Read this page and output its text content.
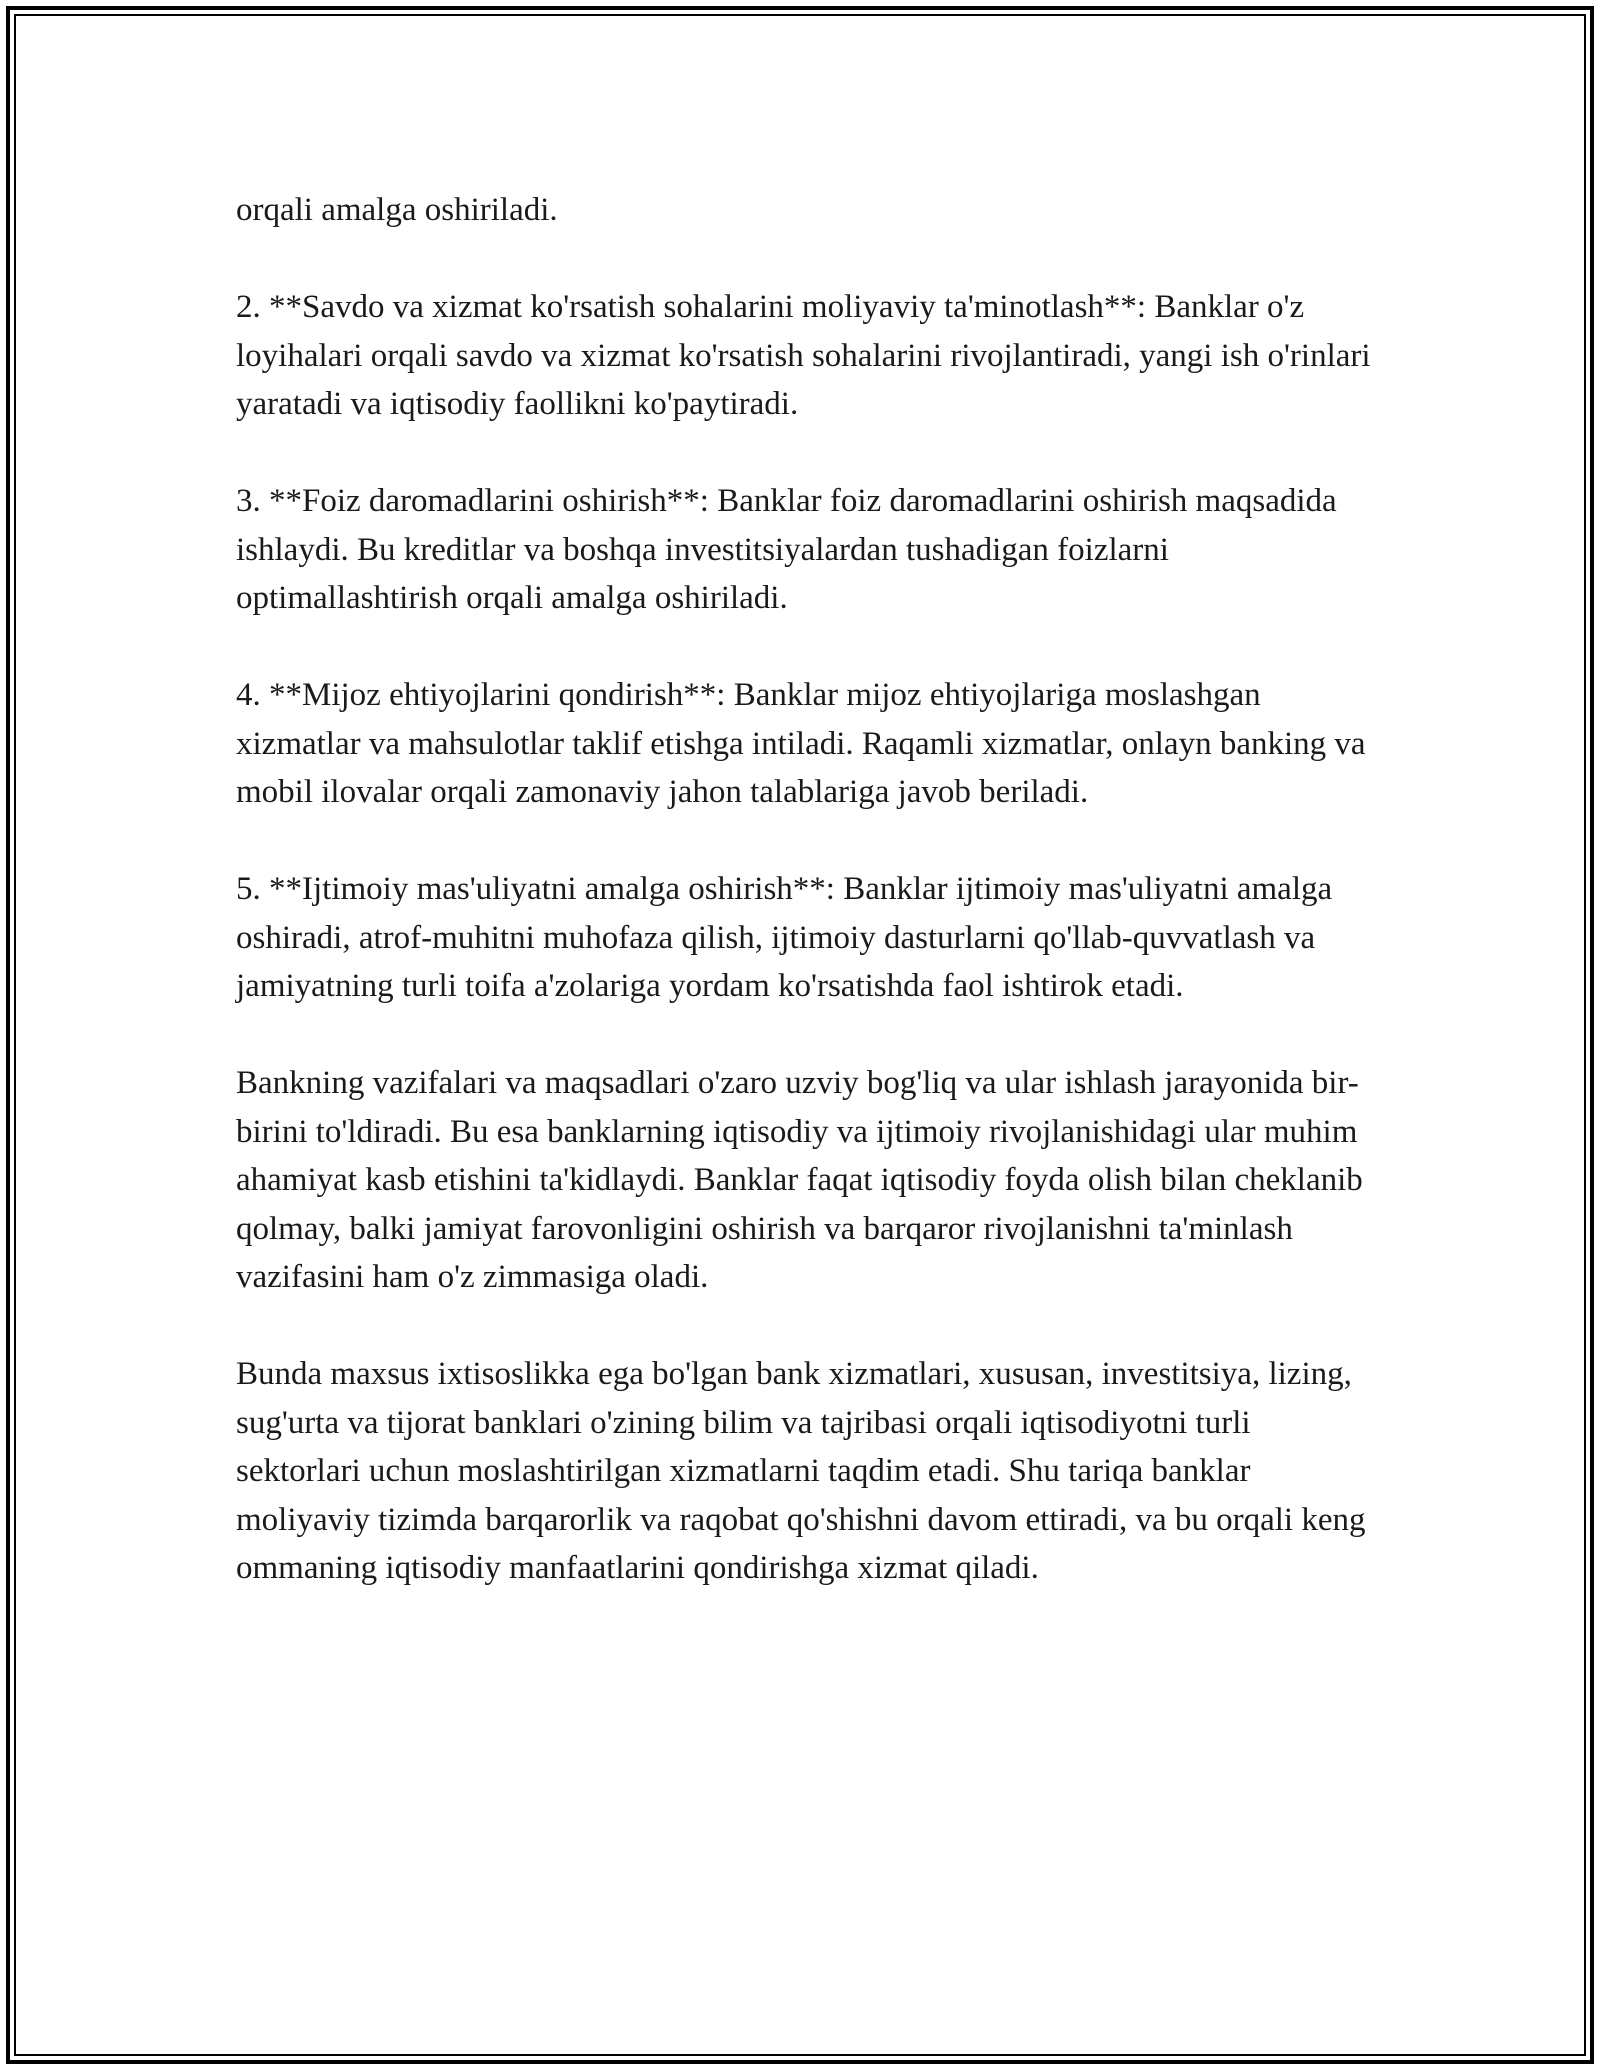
orqali amalga oshiriladi.

2. **Savdo va xizmat ko'rsatish sohalarini moliyaviy ta'minotlash**: Banklar o'z loyihalari orqali savdo va xizmat ko'rsatish sohalarini rivojlantiradi, yangi ish o'rinlari yaratadi va iqtisodiy faollikni ko'paytiradi.

3. **Foiz daromadlarini oshirish**: Banklar foiz daromadlarini oshirish maqsadida ishlaydi. Bu kreditlar va boshqa investitsiyalardan tushadigan foizlarni optimallashtirish orqali amalga oshiriladi.

4. **Mijoz ehtiyojlarini qondirish**: Banklar mijoz ehtiyojlariga moslashgan xizmatlar va mahsulotlar taklif etishga intiladi. Raqamli xizmatlar, onlayn banking va mobil ilovalar orqali zamonaviy jahon talablariga javob beriladi.

5. **Ijtimoiy mas'uliyatni amalga oshirish**: Banklar ijtimoiy mas'uliyatni amalga oshiradi, atrof-muhitni muhofaza qilish, ijtimoiy dasturlarni qo'llab-quvvatlash va jamiyatning turli toifa a'zolariga yordam ko'rsatishda faol ishtirok etadi.

Bankning vazifalari va maqsadlari o'zaro uzviy bog'liq va ular ishlash jarayonida bir-birini to'ldiradi. Bu esa banklarning iqtisodiy va ijtimoiy rivojlanishidagi ular muhim ahamiyat kasb etishini ta'kidlaydi. Banklar faqat iqtisodiy foyda olish bilan cheklanib qolmay, balki jamiyat farovonligini oshirish va barqaror rivojlanishni ta'minlash vazifasini ham o'z zimmasiga oladi.

Bunda maxsus ixtisoslikka ega bo'lgan bank xizmatlari, xususan, investitsiya, lizing, sug'urta va tijorat banklari o'zining bilim va tajribasi orqali iqtisodiyotni turli sektorlari uchun moslashtirilgan xizmatlarni taqdim etadi. Shu tariqa banklar moliyaviy tizimda barqarorlik va raqobat qo'shishni davom ettiradi, va bu orqali keng ommaning iqtisodiy manfaatlarini qondirishga xizmat qiladi.
